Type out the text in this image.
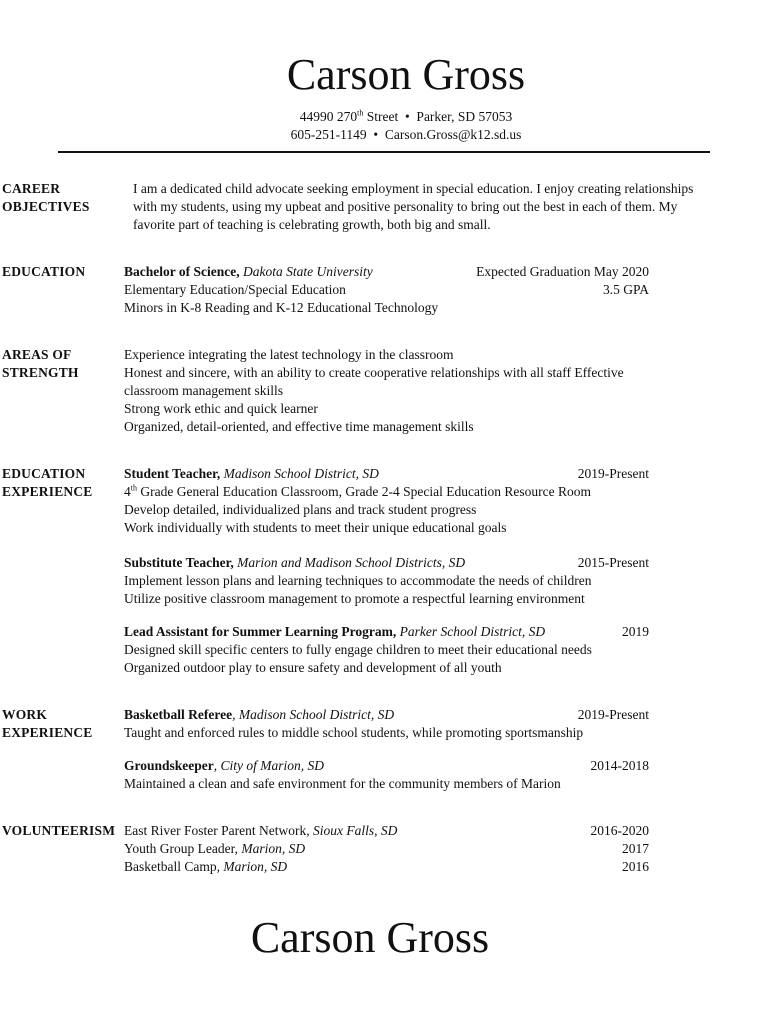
Carson Gross
44990 270th Street  •  Parker, SD 57053
605-251-1149  •  Carson.Gross@k12.sd.us
CAREER
OBJECTIVES
I am a dedicated child advocate seeking employment in special education. I enjoy creating relationships with my students, using my upbeat and positive personality to bring out the best in each of them. My favorite part of teaching is celebrating growth, both big and small.
EDUCATION	Bachelor of Science, Dakota State University	Expected Graduation May 2020
Elementary Education/Special Education	3.5 GPA
Minors in K-8 Reading and K-12 Educational Technology
AREAS OF
STRENGTH
Experience integrating the latest technology in the classroom
Honest and sincere, with an ability to create cooperative relationships with all staff Effective
classroom management skills
Strong work ethic and quick learner
Organized, detail-oriented, and effective time management skills
EDUCATION
EXPERIENCE
Student Teacher, Madison School District, SD	2019-Present
4th Grade General Education Classroom, Grade 2-4 Special Education Resource Room
Develop detailed, individualized plans and track student progress
Work individually with students to meet their unique educational goals
Substitute Teacher, Marion and Madison School Districts, SD	2015-Present
Implement lesson plans and learning techniques to accommodate the needs of children
Utilize positive classroom management to promote a respectful learning environment
Lead Assistant for Summer Learning Program, Parker School District, SD	2019
Designed skill specific centers to fully engage children to meet their educational needs
Organized outdoor play to ensure safety and development of all youth
WORK
EXPERIENCE
Basketball Referee, Madison School District, SD	2019-Present
Taught and enforced rules to middle school students, while promoting sportsmanship
Groundskeeper, City of Marion, SD	2014-2018
Maintained a clean and safe environment for the community members of Marion
VOLUNTEERISM East River Foster Parent Network, Sioux Falls, SD	2016-2020
Youth Group Leader, Marion, SD	2017
Basketball Camp, Marion, SD	2016
Carson Gross
